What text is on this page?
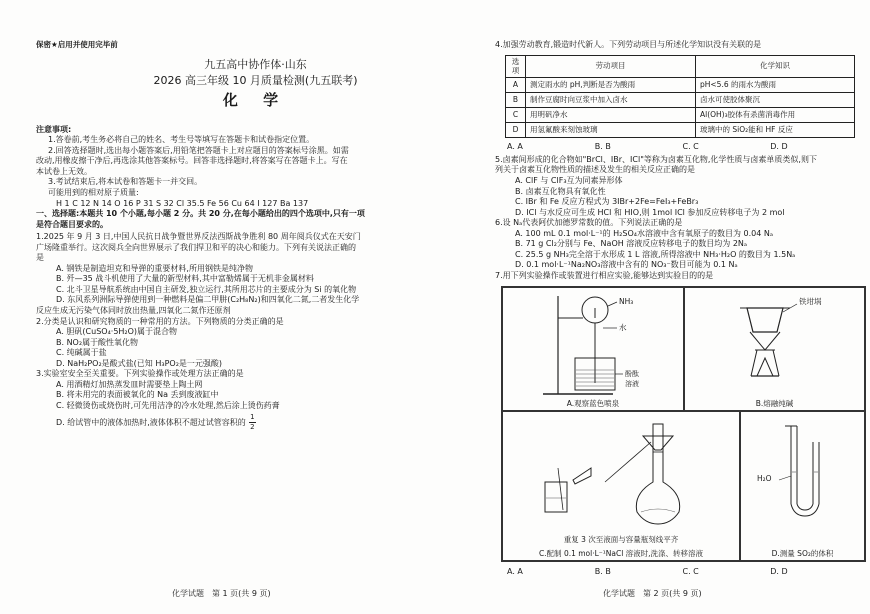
保密★启用并使用完毕前
九五高中协作体·山东
2026 高三年级 10 月质量检测(九五联考)
化 学
注意事项:
1.答卷前,考生务必将自己的姓名、考生号等填写在答题卡和试卷指定位置。
2.回答选择题时,选出每小题答案后,用铅笔把答题卡上对应题目的答案标号涂黑。如需
改动,用橡皮擦干净后,再选涂其他答案标号。回答非选择题时,将答案写在答题卡上。写在
本试卷上无效。
3.考试结束后,将本试卷和答题卡一并交回。
可能用到的相对原子质量:
H 1 C 12 N 14 O 16 P 31 S 32 Cl 35.5 Fe 56 Cu 64 I 127 Ba 137
一、选择题:本题共 10 个小题,每小题 2 分。共 20 分,在每小题给出的四个选项中,只有一项
是符合题目要求的。
1.2025 年 9 月 3 日,中国人民抗日战争暨世界反法西斯战争胜利 80 周年阅兵仪式在天安门
广场隆重举行。这次阅兵全向世界展示了我们捍卫和平的决心和能力。下列有关说法正确的
是
A. 钢铁是制造坦克和导弹的重要材料,所用钢铁是纯净物
B. 歼—35 战斗机使用了大量的新型材料,其中富勒烯属于无机非金属材料
C. 北斗卫星导航系统由中国自主研发,独立运行,其所用芯片的主要成分为 Si 的氧化物
D. 东风系列洲际导弹使用到一种燃料是偏二甲肼(C₂H₈N₂)和四氧化二氮,二者发生化学
反应生成无污染气体同时放出热量,四氧化二氮作还原剂
2.分类是认识和研究物质的一种常用的方法。下列物质的分类正确的是
A. 胆矾(CuSO₄·5H₂O)属于混合物
B. NO₂属于酸性氧化物
C. 纯碱属于盐
D. NaH₂PO₂是酸式盐(已知 H₃PO₂是一元强酸)
3.实验室安全至关重要。下列实验操作或处理方法正确的是
A. 用酒精灯加热蒸发皿时需要垫上陶土网
B. 将未用完的表面被氧化的 Na 丢到废液缸中
C. 轻微烫伤或烧伤时,可先用洁净的冷水处理,然后涂上烫伤药膏
D. 给试管中的液体加热时,液体体积不超过试管容积的
1
2
化学试题　第 1 页(共 9 页)
4.加强劳动教育,锻造时代新人。下列劳动项目与所述化学知识没有关联的是
选项	劳动项目	化学知识
A	测定雨水的 pH,判断是否为酸雨	pH<5.6 的雨水为酸雨
B	制作豆腐时向豆浆中加入卤水	卤水可使胶体聚沉
C	用明矾净水	Al(OH)₃胶体有杀菌消毒作用
D	用氢氟酸来刻蚀玻璃	玻璃中的 SiO₂能和 HF 反应
A. A	B. B	C. C	D. D
5.卤素间形成的化合物如"BrCl、IBr、ICl"等称为卤素互化物,化学性质与卤素单质类似,则下
列关于卤素互化物性质的描述及发生的相关反应正确的是
A. ClF 与 ClF₃互为同素异形体
B. 卤素互化物具有氧化性
C. IBr 和 Fe 反应方程式为 3IBr+2Fe=FeI₃+FeBr₃
D. ICl 与水反应可生成 HCl 和 HIO,则 1mol ICl 参加反应转移电子为 2 mol
6.设 Nₐ代表阿伏加德罗常数的值。下列说法正确的是
A. 100 mL 0.1 mol·L⁻¹的 H₂SO₄水溶液中含有氧原子的数目为 0.04 Nₐ
B. 71 g Cl₂分别与 Fe、NaOH 溶液反应转移电子的数目均为 2Nₐ
C. 25.5 g NH₃完全溶于水形成 1 L 溶液,所得溶液中 NH₃·H₂O 的数目为 1.5Nₐ
D. 0.1 mol·L⁻¹Na₂NO₃溶液中含有的 NO₃⁻数目可能为 0.1 Nₐ
7.用下列实验操作或装置进行相应实验,能够达到实验目的的是
NH₃
水
酚酞
溶液
A.观察蓝色喷泉
铁坩埚
B.熔融纯碱
重复 3 次至液面与容量瓶刻线平齐
C.配制 0.1 mol·L⁻¹NaCl 溶液时,洗涤、转移溶液
H₂O
D.测量 SO₂的体积
A. A	B. B	C. C	D. D
化学试题　第 2 页(共 9 页)
